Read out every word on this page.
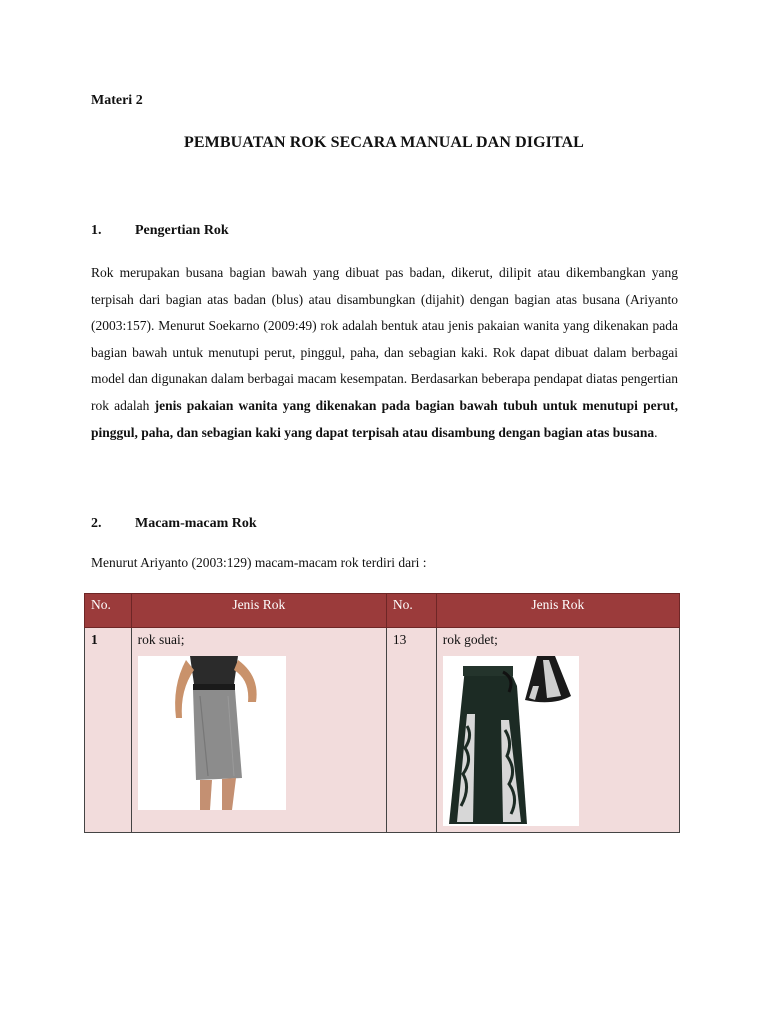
Materi 2
PEMBUATAN ROK SECARA MANUAL DAN DIGITAL
1. Pengertian Rok

Rok merupakan busana bagian bawah yang dibuat pas badan, dikerut, dilipit atau dikembangkan yang terpisah dari bagian atas badan (blus) atau disambungkan (dijahit) dengan bagian atas busana (Ariyanto (2003:157). Menurut Soekarno (2009:49) rok adalah bentuk atau jenis pakaian wanita yang dikenakan pada bagian bawah untuk menutupi perut, pinggul, paha, dan sebagian kaki. Rok dapat dibuat dalam berbagai model dan digunakan dalam berbagai macam kesempatan. Berdasarkan beberapa pendapat diatas pengertian rok adalah jenis pakaian wanita yang dikenakan pada bagian bawah tubuh untuk menutupi perut, pinggul, paha, dan sebagian kaki yang dapat terpisah atau disambung dengan bagian atas busana.

2. Macam-macam Rok
Menurut Ariyanto (2003:129) macam-macam rok terdiri dari :
No.	Jenis Rok	No.	Jenis Rok
1	rok suai;	13	rok godet;
